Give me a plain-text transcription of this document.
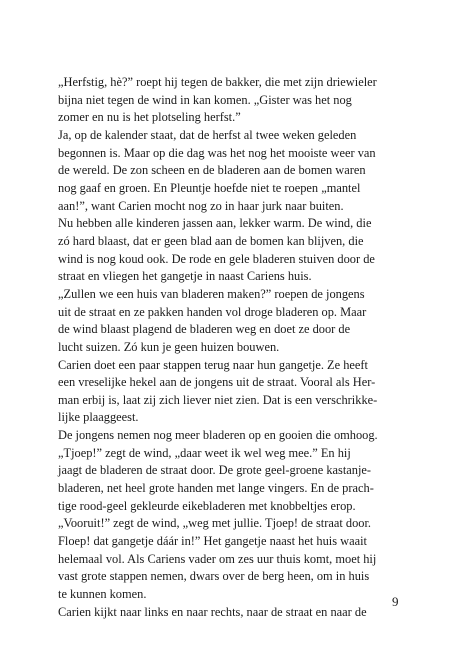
„Herfstig, hè?” roept hij tegen de bakker, die met zijn driewieler
bijna niet tegen de wind in kan komen. „Gister was het nog
zomer en nu is het plotseling herfst.”
Ja, op de kalender staat, dat de herfst al twee weken geleden
begonnen is. Maar op die dag was het nog het mooiste weer van
de wereld. De zon scheen en de bladeren aan de bomen waren
nog gaaf en groen. En Pleuntje hoefde niet te roepen „mantel
aan!”, want Carien mocht nog zo in haar jurk naar buiten.
Nu hebben alle kinderen jassen aan, lekker warm. De wind, die
zó hard blaast, dat er geen blad aan de bomen kan blijven, die
wind is nog koud ook. De rode en gele bladeren stuiven door de
straat en vliegen het gangetje in naast Cariens huis.
„Zullen we een huis van bladeren maken?” roepen de jongens
uit de straat en ze pakken handen vol droge bladeren op. Maar
de wind blaast plagend de bladeren weg en doet ze door de
lucht suizen. Zó kun je geen huizen bouwen.
Carien doet een paar stappen terug naar hun gangetje. Ze heeft
een vreselijke hekel aan de jongens uit de straat. Vooral als Her-
man erbij is, laat zij zich liever niet zien. Dat is een verschrikke-
lijke plaaggeest.
De jongens nemen nog meer bladeren op en gooien die omhoog.
„Tjoep!” zegt de wind, „daar weet ik wel weg mee.” En hij
jaagt de bladeren de straat door. De grote geel-groene kastanje-
bladeren, net heel grote handen met lange vingers. En de prach-
tige rood-geel gekleurde eikebladeren met knobbeltjes erop.
„Vooruit!” zegt de wind, „weg met jullie. Tjoep! de straat door.
Floep! dat gangetje dáár in!” Het gangetje naast het huis waait
helemaal vol. Als Cariens vader om zes uur thuis komt, moet hij
vast grote stappen nemen, dwars over de berg heen, om in huis
te kunnen komen.
Carien kijkt naar links en naar rechts, naar de straat en naar de
9
